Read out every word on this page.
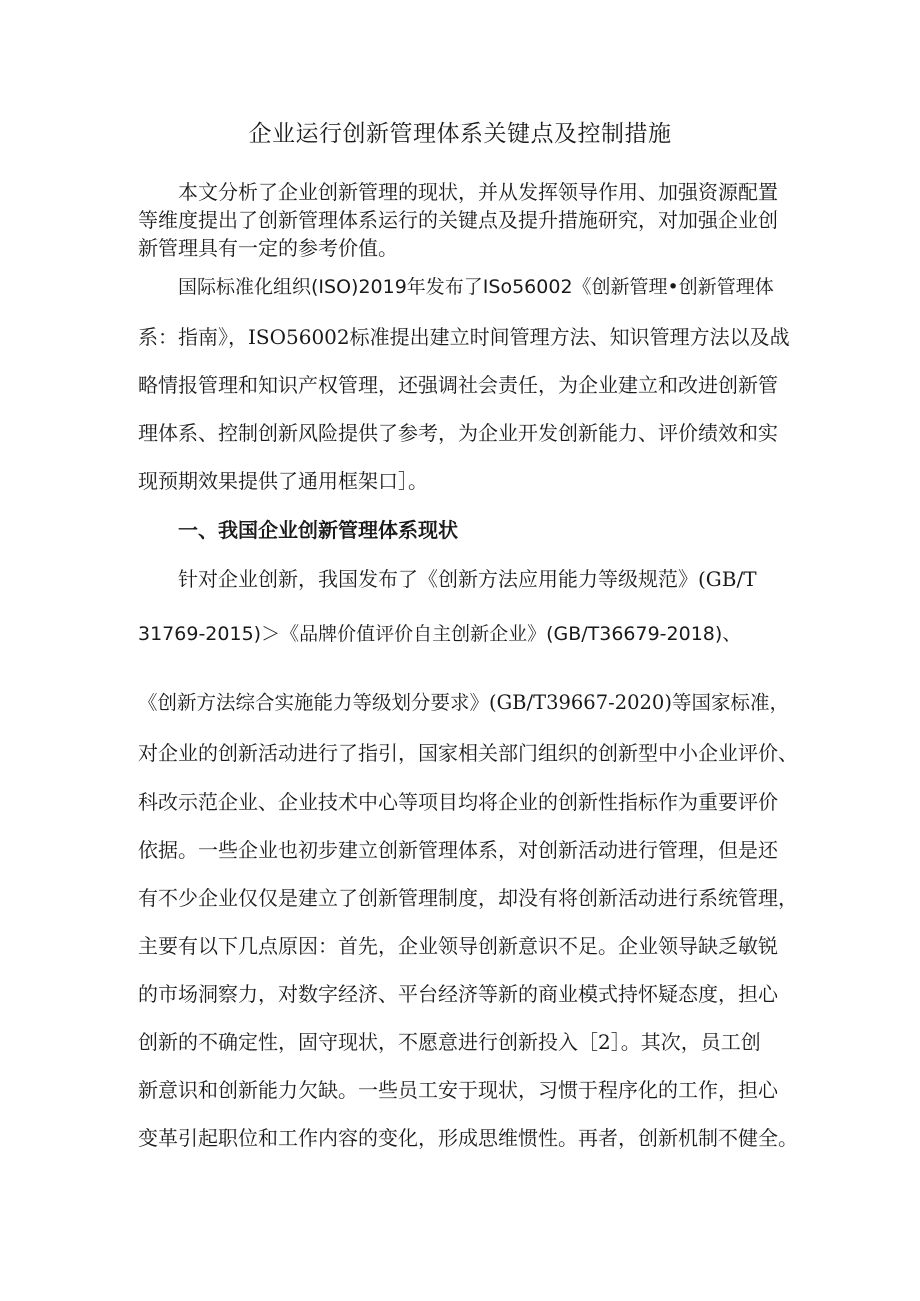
企业运行创新管理体系关键点及控制措施

本文分析了企业创新管理的现状，并从发挥领导作用、加强资源配置

等维度提出了创新管理体系运行的关键点及提升措施研究，对加强企业创

新管理具有一定的参考价值。

国际标准化组织(ISO)2019年发布了ISo56002《创新管理•创新管理体

系：指南》，ISO56002标准提出建立时间管理方法、知识管理方法以及战

略情报管理和知识产权管理，还强调社会责任，为企业建立和改进创新管

理体系、控制创新风险提供了参考，为企业开发创新能力、评价绩效和实

现预期效果提供了通用框架口］。

一、我国企业创新管理体系现状

针对企业创新，我国发布了《创新方法应用能力等级规范》(GB/T

31769-2015)＞《品牌价值评价自主创新企业》(GB/T36679-2018)、

《创新方法综合实施能力等级划分要求》(GB/T39667-2020)等国家标准，

对企业的创新活动进行了指引，国家相关部门组织的创新型中小企业评价、

科改示范企业、企业技术中心等项目均将企业的创新性指标作为重要评价

依据。一些企业也初步建立创新管理体系，对创新活动进行管理，但是还

有不少企业仅仅是建立了创新管理制度，却没有将创新活动进行系统管理，

主要有以下几点原因：首先，企业领导创新意识不足。企业领导缺乏敏锐

的市场洞察力，对数字经济、平台经济等新的商业模式持怀疑态度，担心

创新的不确定性，固守现状，不愿意进行创新投入［2］。其次，员工创

新意识和创新能力欠缺。一些员工安于现状，习惯于程序化的工作，担心

变革引起职位和工作内容的变化，形成思维惯性。再者，创新机制不健全。
